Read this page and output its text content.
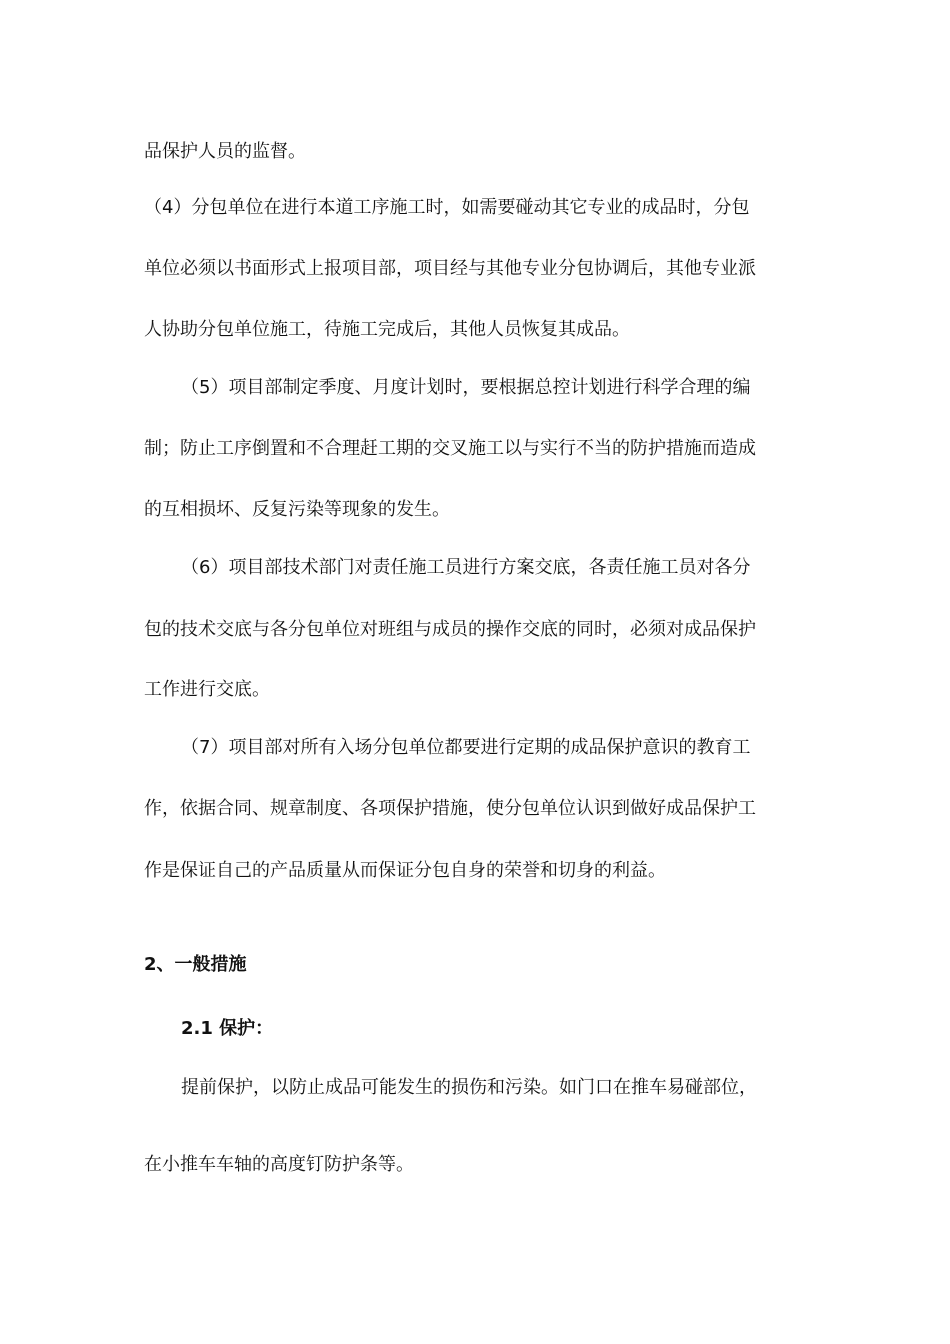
品保护人员的监督。
（4）分包单位在进行本道工序施工时，如需要碰动其它专业的成品时，分包
单位必须以书面形式上报项目部，项目经与其他专业分包协调后，其他专业派
人协助分包单位施工，待施工完成后，其他人员恢复其成品。
（5）项目部制定季度、月度计划时，要根据总控计划进行科学合理的编
制；防止工序倒置和不合理赶工期的交叉施工以与实行不当的防护措施而造成
的互相损坏、反复污染等现象的发生。
（6）项目部技术部门对责任施工员进行方案交底，各责任施工员对各分
包的技术交底与各分包单位对班组与成员的操作交底的同时，必须对成品保护
工作进行交底。
（7）项目部对所有入场分包单位都要进行定期的成品保护意识的教育工
作，依据合同、规章制度、各项保护措施，使分包单位认识到做好成品保护工
作是保证自己的产品质量从而保证分包自身的荣誉和切身的利益。
2、一般措施
2.1 保护：
提前保护，以防止成品可能发生的损伤和污染。如门口在推车易碰部位，
在小推车车轴的高度钉防护条等。
